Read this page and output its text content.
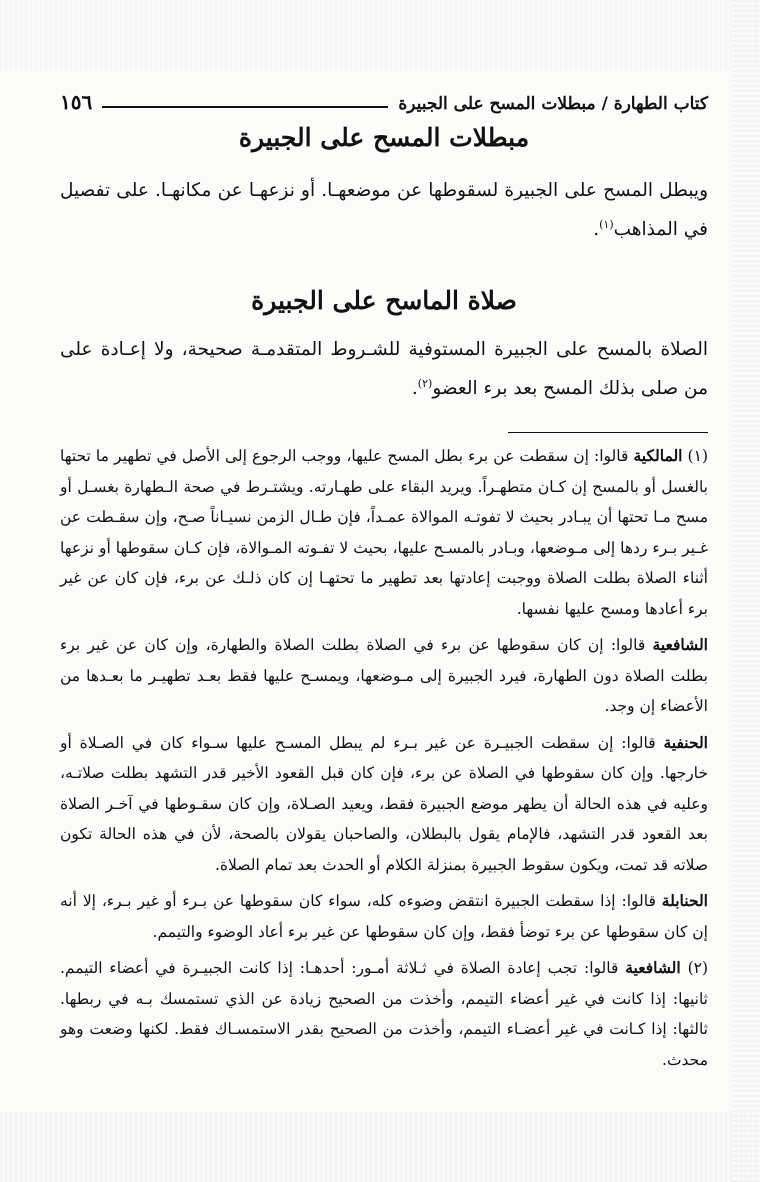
كتاب الطهارة / مبطلات المسح على الجبيرة
١٥٦
مبطلات المسح على الجبيرة

ويبطل المسح على الجبيرة لسقوطها عن موضعهـا. أو نزعهـا عن مكانهـا. على تفصيل في المذاهب$^{(١)}$.

صلاة الماسح على الجبيرة

الصلاة بالمسح على الجبيرة المستوفية للشـروط المتقدمـة صحيحة، ولا إعـادة على من صلى بذلك المسح بعد برء العضو$^{(٢)}$.

(١) المالكية قالوا: إن سقطت عن برء بطل المسح عليها، ووجب الرجوع إلى الأصل في تطهير ما تحتها بالغسل أو بالمسح إن كـان متطهـراً. ويريد البقاء على طهـارته. ويشتـرط في صحة الـطهارة بغسـل أو مسح مـا تحتها أن يبـادر بحيث لا تفوتـه الموالاة عمـداً، فإن طـال الزمن نسيـاناً صـح، وإن سقـطت عن غـير بـرء ردها إلى مـوضعها، وبـادر بالمسـح عليها، بحيث لا تفـوته المـوالاة، فإن كـان سقوطها أو نزعها أثناء الصلاة بطلت الصلاة ووجبت إعادتها بعد تطهير ما تحتهـا إن كان ذلـك عن برء، فإن كان عن غير برء أعادها ومسح عليها نفسها.

الشافعية قالوا: إن كان سقوطها عن برء في الصلاة بطلت الصلاة والطهارة، وإن كان عن غير برء بطلت الصلاة دون الطهارة، فيرد الجبيرة إلى مـوضعها، ويمسـح عليها فقط بعـد تطهيـر ما بعـدها من الأعضاء إن وجد.

الحنفية قالوا: إن سقطت الجبيـرة عن غير بـرء لم يبطل المسـح عليها سـواء كان في الصـلاة أو خارجها. وإن كان سقوطها في الصلاة عن برء، فإن كان قبل القعود الأخير قدر التشهد بطلت صلاتـه، وعليه في هذه الحالة أن يطهر موضع الجبيرة فقط، ويعيد الصـلاة، وإن كان سقـوطها في آخـر الصلاة بعد القعود قدر التشهد، فالإمام يقول بالبطلان، والصاحبان يقولان بالصحة، لأن في هذه الحالة تكون صلاته قد تمت، ويكون سقوط الجبيرة بمنزلة الكلام أو الحدث بعد تمام الصلاة.

الحنابلة قالوا: إذا سقطت الجبيرة انتقض وضوءه كله، سواء كان سقوطها عن بـرء أو غير بـرء، إلا أنه إن كان سقوطها عن برء توضأ فقط، وإن كان سقوطها عن غير برء أعاد الوضوء والتيمم.

(٢) الشافعية قالوا: تجب إعادة الصلاة في ثـلاثة أمـور: أحدهـا: إذا كانت الجبيـرة في أعضاء التيمم. ثانيها: إذا كانت في غير أعضاء التيمم، وأخذت من الصحيح زيادة عن الذي تستمسك بـه في ربطها. ثالثها: إذا كـانت في غير أعضـاء التيمم، وأخذت من الصحيح بقدر الاستمسـاك فقط. لكنها وضعت وهو محدث.
